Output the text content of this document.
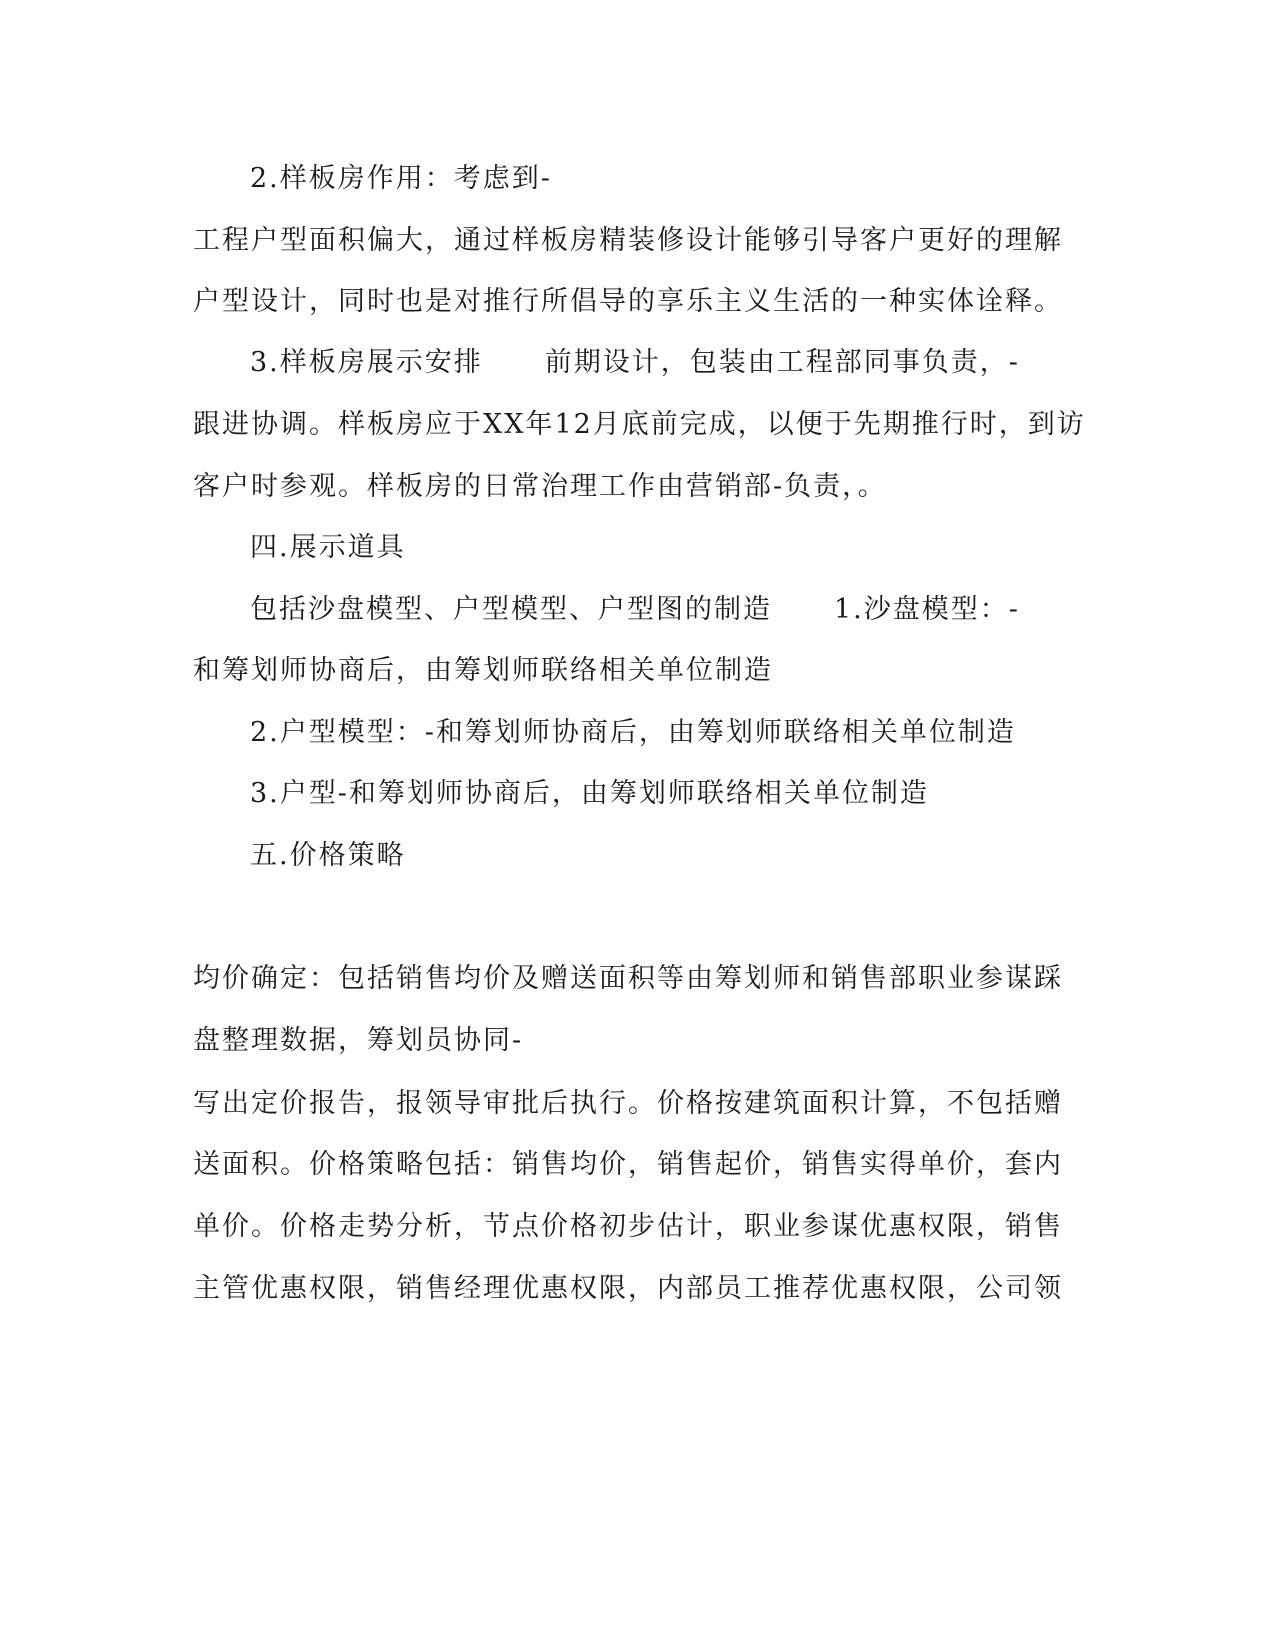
2.样板房作用：考虑到-
工程户型面积偏大，通过样板房精装修设计能够引导客户更好的理解
户型设计，同时也是对推行所倡导的享乐主义生活的一种实体诠释。
3.样板房展示安排 前期设计，包装由工程部同事负责，-
跟进协调。样板房应于XX年12月底前完成，以便于先期推行时，到访
客户时参观。样板房的日常治理工作由营销部-负责，。
四.展示道具
包括沙盘模型、户型模型、户型图的制造 1.沙盘模型：-
和筹划师协商后，由筹划师联络相关单位制造
2.户型模型：-和筹划师协商后，由筹划师联络相关单位制造
3.户型-和筹划师协商后，由筹划师联络相关单位制造
五.价格策略
均价确定：包括销售均价及赠送面积等由筹划师和销售部职业参谋踩
盘整理数据，筹划员协同-
写出定价报告，报领导审批后执行。价格按建筑面积计算，不包括赠
送面积。价格策略包括：销售均价，销售起价，销售实得单价，套内
单价。价格走势分析，节点价格初步估计，职业参谋优惠权限，销售
主管优惠权限，销售经理优惠权限，内部员工推荐优惠权限，公司领
